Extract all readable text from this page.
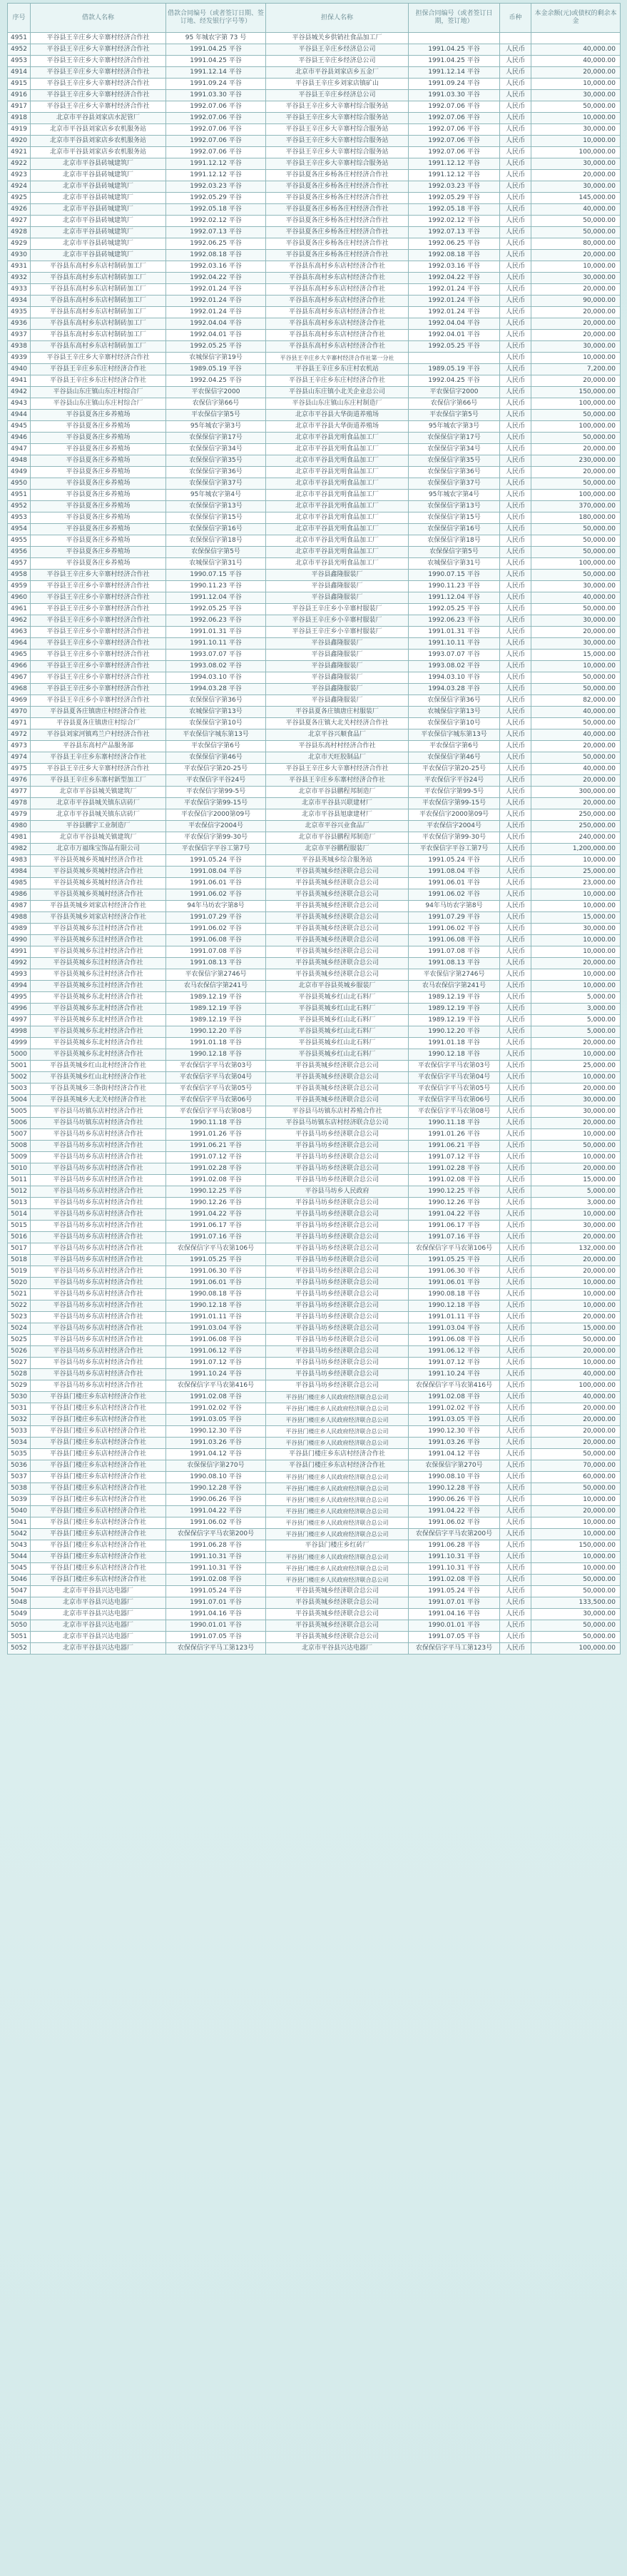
序号	借款人名称	借款合同编号（或者签订日期、签订地、经发银行字号等）	担保人名称	担保合同编号（或者签订日期，签订地）	币种	本金余额(元)或债权的剩余本金
4951	平谷县王辛庄乡大辛寨村经济合作社	95 年城农字第 73 号	平谷县城关乡供销社食品加工厂			
4952	平谷县王辛庄乡大辛寨村经济合作社	1991.04.25 平谷	平谷县王辛庄乡经济总公司	1991.04.25 平谷	人民币	40,000.00
4953	平谷县王辛庄乡大辛寨村经济合作社	1991.04.25 平谷	平谷县王辛庄乡经济总公司	1991.04.25 平谷	人民币	40,000.00
4914	平谷县王辛庄乡大辛寨村经济合作社	1991.12.14 平谷	北京市平谷县刘家店乡五金厂	1991.12.14 平谷	人民币	20,000.00
4915	平谷县王辛庄乡大辛寨村经济合作社	1991.09.24 平谷	平谷县王辛庄乡刘家店镇矿山	1991.09.24 平谷	人民币	10,000.00
4916	平谷县王辛庄乡大辛寨村经济合作社	1991.03.30 平谷	平谷县王辛庄乡经济总公司	1991.03.30 平谷	人民币	30,000.00
4917	平谷县王辛庄乡大辛寨村经济合作社	1992.07.06 平谷	平谷县王辛庄乡大辛寨村综合服务站	1992.07.06 平谷	人民币	50,000.00
4918	北京市平谷县刘家店水泥管厂	1992.07.06 平谷	平谷县王辛庄乡大辛寨村综合服务站	1992.07.06 平谷	人民币	10,000.00
4919	北京市平谷县刘家店乡农机服务站	1992.07.06 平谷	平谷县王辛庄乡大辛寨村综合服务站	1992.07.06 平谷	人民币	30,000.00
4920	北京市平谷县刘家店乡农机服务站	1992.07.06 平谷	平谷县王辛庄乡大辛寨村综合服务站	1992.07.06 平谷	人民币	10,000.00
4921	北京市平谷县刘家店乡农机服务站	1992.07.06 平谷	平谷县王辛庄乡大辛寨村综合服务站	1992.07.06 平谷	人民币	100,000.00
4922	北京市平谷县砖城建筑厂	1991.12.12 平谷	平谷县王辛庄乡大辛寨村综合服务站	1991.12.12 平谷	人民币	30,000.00
4923	北京市平谷县砖城建筑厂	1991.12.12 平谷	平谷县夏各庄乡杨各庄村经济合作社	1991.12.12 平谷	人民币	20,000.00
4924	北京市平谷县砖城建筑厂	1992.03.23 平谷	平谷县夏各庄乡杨各庄村经济合作社	1992.03.23 平谷	人民币	30,000.00
4925	北京市平谷县砖城建筑厂	1992.05.29 平谷	平谷县夏各庄乡杨各庄村经济合作社	1992.05.29 平谷	人民币	145,000.00
4926	北京市平谷县砖城建筑厂	1992.05.18 平谷	平谷县夏各庄乡杨各庄村经济合作社	1992.05.18 平谷	人民币	40,000.00
4927	北京市平谷县砖城建筑厂	1992.02.12 平谷	平谷县夏各庄乡杨各庄村经济合作社	1992.02.12 平谷	人民币	50,000.00
4928	北京市平谷县砖城建筑厂	1992.07.13 平谷	平谷县夏各庄乡杨各庄村经济合作社	1992.07.13 平谷	人民币	50,000.00
4929	北京市平谷县砖城建筑厂	1992.06.25 平谷	平谷县夏各庄乡杨各庄村经济合作社	1992.06.25 平谷	人民币	80,000.00
4930	北京市平谷县砖城建筑厂	1992.08.18 平谷	平谷县夏各庄乡杨各庄村经济合作社	1992.08.18 平谷	人民币	20,000.00
4931	平谷县东高村乡东店村制砖加工厂	1992.03.16 平谷	平谷县东高村乡东店村经济合作社	1992.03.16 平谷	人民币	10,000.00
4932	平谷县东高村乡东店村制砖加工厂	1992.04.22 平谷	平谷县东高村乡东店村经济合作社	1992.04.22 平谷	人民币	30,000.00
4933	平谷县东高村乡东店村制砖加工厂	1992.01.24 平谷	平谷县东高村乡东店村经济合作社	1992.01.24 平谷	人民币	20,000.00
4934	平谷县东高村乡东店村制砖加工厂	1992.01.24 平谷	平谷县东高村乡东店村经济合作社	1992.01.24 平谷	人民币	90,000.00
4935	平谷县东高村乡东店村制砖加工厂	1992.01.24 平谷	平谷县东高村乡东店村经济合作社	1992.01.24 平谷	人民币	20,000.00
4936	平谷县东高村乡东店村制砖加工厂	1992.04.04 平谷	平谷县东高村乡东店村经济合作社	1992.04.04 平谷	人民币	20,000.00
4937	平谷县东高村乡东店村制砖加工厂	1992.04.01 平谷	平谷县东高村乡东店村经济合作社	1992.04.01 平谷	人民币	20,000.00
4938	平谷县东高村乡东店村制砖加工厂	1992.05.25 平谷	平谷县东高村乡东店村经济合作社	1992.05.25 平谷	人民币	30,000.00
4939	平谷县王辛庄乡大辛寨村经济合作社	农城保信字第19号	平谷县王辛庄乡大辛寨村经济合作社第一分社		人民币	10,000.00
4940	平谷县王辛庄乡东庄村经济合作社	1989.05.19 平谷	平谷县王辛庄乡东庄村农机站	1989.05.19 平谷	人民币	7,200.00
4941	平谷县王辛庄乡东庄村经济合作社	1992.04.25 平谷	平谷县王辛庄乡东庄村经济合作社	1992.04.25 平谷	人民币	20,000.00
4942	平谷县山东庄镇山东庄村综合厂	平农保信字2000	平谷县山东庄镇小北关企业总公司	平农保信字2000	人民币	150,000.00
4943	平谷县山东庄镇山东庄村综合厂	农保信字第66号	平谷县山东庄镇山东庄村制造厂	农保信字第66号	人民币	100,000.00
4944	平谷县夏各庄乡养殖场	平农保信字第5号	北京市平谷县大华街道养殖场	平农保信字第5号	人民币	50,000.00
4945	平谷县夏各庄乡养殖场	95年城农字第3号	北京市平谷县大华街道养殖场	95年城农字第3号	人民币	100,000.00
4946	平谷县夏各庄乡养殖场	农保保信字第17号	北京市平谷县光明食品加工厂	农保保信字第17号	人民币	50,000.00
4947	平谷县夏各庄乡养殖场	农保保信字第34号	北京市平谷县光明食品加工厂	农保保信字第34号	人民币	20,000.00
4948	平谷县夏各庄乡养殖场	农保保信字第35号	北京市平谷县光明食品加工厂	农保保信字第35号	人民币	230,000.00
4949	平谷县夏各庄乡养殖场	农保保信字第36号	北京市平谷县光明食品加工厂	农保保信字第36号	人民币	20,000.00
4950	平谷县夏各庄乡养殖场	农保保信字第37号	北京市平谷县光明食品加工厂	农保保信字第37号	人民币	50,000.00
4951	平谷县夏各庄乡养殖场	95年城农字第4号	北京市平谷县光明食品加工厂	95年城农字第4号	人民币	100,000.00
4952	平谷县夏各庄乡养殖场	农保保信字第13号	北京市平谷县光明食品加工厂	农保保信字第13号	人民币	370,000.00
4953	平谷县夏各庄乡养殖场	农保保信字第15号	北京市平谷县光明食品加工厂	农保保信字第15号	人民币	180,000.00
4954	平谷县夏各庄乡养殖场	农保保信字第16号	北京市平谷县光明食品加工厂	农保保信字第16号	人民币	50,000.00
4955	平谷县夏各庄乡养殖场	农保保信字第18号	北京市平谷县光明食品加工厂	农保保信字第18号	人民币	50,000.00
4956	平谷县夏各庄乡养殖场	农保保信字第5号	北京市平谷县光明食品加工厂	农保保信字第5号	人民币	50,000.00
4957	平谷县夏各庄乡养殖场	农城保信字第31号	北京市平谷县光明食品加工厂	农城保信字第31号	人民币	100,000.00
4958	平谷县王辛庄乡大辛寨村经济合作社	1990.07.15 平谷	平谷县鑫隆服装厂	1990.07.15 平谷	人民币	50,000.00
4959	平谷县王辛庄乡小辛寨村经济合作社	1990.11.23 平谷	平谷县鑫隆服装厂	1990.11.23 平谷	人民币	30,000.00
4960	平谷县王辛庄乡小辛寨村经济合作社	1991.12.04 平谷	平谷县鑫隆服装厂	1991.12.04 平谷	人民币	40,000.00
4961	平谷县王辛庄乡小辛寨村经济合作社	1992.05.25 平谷	平谷县王辛庄乡小辛寨村服装厂	1992.05.25 平谷	人民币	50,000.00
4962	平谷县王辛庄乡小辛寨村经济合作社	1992.06.23 平谷	平谷县王辛庄乡小辛寨村服装厂	1992.06.23 平谷	人民币	30,000.00
4963	平谷县王辛庄乡小辛寨村经济合作社	1991.01.31 平谷	平谷县王辛庄乡小辛寨村服装厂	1991.01.31 平谷	人民币	20,000.00
4964	平谷县王辛庄乡小辛寨村经济合作社	1991.10.11 平谷	平谷县鑫隆服装厂	1991.10.11 平谷	人民币	30,000.00
4965	平谷县王辛庄乡小辛寨村经济合作社	1993.07.07 平谷	平谷县鑫隆服装厂	1993.07.07 平谷	人民币	15,000.00
4966	平谷县王辛庄乡小辛寨村经济合作社	1993.08.02 平谷	平谷县鑫隆服装厂	1993.08.02 平谷	人民币	10,000.00
4967	平谷县王辛庄乡小辛寨村经济合作社	1994.03.10 平谷	平谷县鑫隆服装厂	1994.03.10 平谷	人民币	50,000.00
4968	平谷县王辛庄乡小辛寨村经济合作社	1994.03.28 平谷	平谷县鑫隆服装厂	1994.03.28 平谷	人民币	50,000.00
4969	平谷县王辛庄乡小辛寨村经济合作社	农保保信字第36号	平谷县鑫隆服装厂	农保保信字第36号	人民币	82,000.00
4970	平谷县夏各庄镇唐庄村经济合作社	农城保信字第13号	平谷县夏各庄镇唐庄村服装厂	农城保信字第13号	人民币	40,000.00
4971	平谷县夏各庄镇唐庄村综合厂	农保保信字第10号	平谷县夏各庄镇大北关村经济合作社	农保保信字第10号	人民币	50,000.00
4972	平谷县刘家河镇鸡兰户村经济合作社	平农保信字城东第13号	北京平谷兴顺食品厂	平农保信字城东第13号	人民币	40,000.00
4973	平谷县东高村产品服务部	平农保信字第6号	平谷县东高村村经济合作社	平农保信字第6号	人民币	20,000.00
4974	平谷县王辛庄乡东寨村经济合作社	农保保信字第46号	北京市天旺胶制品厂	农保保信字第46号	人民币	50,000.00
4975	平谷县王辛庄乡大辛寨村经济合作社	平农保信字第20-25号	平谷县王辛庄乡大辛寨村经济合作社	平农保信字第20-25号	人民币	40,000.00
4976	平谷县王辛庄乡东寨村新型加工厂	平农保信字平谷24号	平谷县王辛庄乡东寨村经济合作社	平农保信字平谷24号	人民币	20,000.00
4977	北京市平谷县城关镇建筑厂	平农保信字第99-5号	北京市平谷县鹏程邦制造厂	平农保信字第99-5号	人民币	300,000.00
4978	北京市平谷县城关镇东店砖厂	平农保信字第99-15号	北京市平谷县兴联建材厂	平农保信字第99-15号	人民币	20,000.00
4979	北京市平谷县城关镇东店砖厂	平农保信字2000第09号	北京市平谷县旭康建材厂	平农保信字2000第09号	人民币	250,000.00
4980	平谷县鹏宇工业制造厂	平农保信字2004号	北京市平谷兴业食品厂	平农保信字2004号	人民币	250,000.00
4981	北京市平谷县城关镇建筑厂	平农保信字第99-30号	北京市平谷县鹏程邦制造厂	平农保信字第99-30号	人民币	240,000.00
4982	北京市万福珠宝饰品有限公司	平农保信字平谷工第7号	北京市平谷鹏程服装厂	平农保信字平谷工第7号	人民币	1,200,000.00
4983	平谷县英城乡英城村经济合作社	1991.05.24 平谷	平谷县英城乡综合服务站	1991.05.24 平谷	人民币	10,000.00
4984	平谷县英城乡英城村经济合作社	1991.08.04 平谷	平谷县英城乡经济联合总公司	1991.08.04 平谷	人民币	25,000.00
4985	平谷县英城乡英城村经济合作社	1991.06.01 平谷	平谷县英城乡经济联合总公司	1991.06.01 平谷	人民币	23,000.00
4986	平谷县英城乡英城村经济合作社	1991.06.02 平谷	平谷县英城乡经济联合总公司	1991.06.02 平谷	人民币	10,000.00
4987	平谷县英城乡刘家店村经济合作社	94年马坊农字第8号	平谷县英城乡经济联合总公司	94年马坊农字第8号	人民币	10,000.00
4988	平谷县英城乡刘家店村经济合作社	1991.07.29 平谷	平谷县英城乡经济联合总公司	1991.07.29 平谷	人民币	15,000.00
4989	平谷县英城乡东洼村经济合作社	1991.06.02 平谷	平谷县英城乡经济联合总公司	1991.06.02 平谷	人民币	30,000.00
4990	平谷县英城乡东洼村经济合作社	1991.06.08 平谷	平谷县英城乡经济联合总公司	1991.06.08 平谷	人民币	10,000.00
4991	平谷县英城乡东洼村经济合作社	1991.07.08 平谷	平谷县英城乡经济联合总公司	1991.07.08 平谷	人民币	10,000.00
4992	平谷县英城乡东洼村经济合作社	1991.08.13 平谷	平谷县英城乡经济联合总公司	1991.08.13 平谷	人民币	20,000.00
4993	平谷县英城乡东洼村经济合作社	平农保信字第2746号	平谷县英城乡经济联合总公司	平农保信字第2746号	人民币	10,000.00
4994	平谷县英城乡东洼村经济合作社	农马农保信字第241号	北京市平谷县英城乡服装厂	农马农保信字第241号	人民币	10,000.00
4995	平谷县英城乡东北村经济合作社	1989.12.19 平谷	平谷县英城乡红山北石料厂	1989.12.19 平谷	人民币	5,000.00
4996	平谷县英城乡东北村经济合作社	1989.12.19 平谷	平谷县英城乡红山北石料厂	1989.12.19 平谷	人民币	3,000.00
4997	平谷县英城乡东北村经济合作社	1989.12.19 平谷	平谷县英城乡红山北石料厂	1989.12.19 平谷	人民币	5,000.00
4998	平谷县英城乡东北村经济合作社	1990.12.20 平谷	平谷县英城乡红山北石料厂	1990.12.20 平谷	人民币	5,000.00
4999	平谷县英城乡东北村经济合作社	1991.01.18 平谷	平谷县英城乡红山北石料厂	1991.01.18 平谷	人民币	20,000.00
5000	平谷县英城乡东北村经济合作社	1990.12.18 平谷	平谷县英城乡红山北石料厂	1990.12.18 平谷	人民币	10,000.00
5001	平谷县英城乡红山北村经济合作社	平农保信字平马农第03号	平谷县英城乡经济联合总公司	平农保信字平马农第03号	人民币	25,000.00
5002	平谷县英城乡红山北村经济合作社	平农保信字平马农第04号	平谷县英城乡经济联合总公司	平农保信字平马农第04号	人民币	10,000.00
5003	平谷县英城乡三条街村经济合作社	平农保信字平马农第05号	平谷县英城乡经济联合总公司	平农保信字平马农第05号	人民币	20,000.00
5004	平谷县英城乡大北关村经济合作社	平农保信字平马农第06号	平谷县英城乡经济联合总公司	平农保信字平马农第06号	人民币	30,000.00
5005	平谷县马坊镇东店村经济合作社	平农保信字平马农第08号	平谷县马坊镇东店村养殖合作社	平农保信字平马农第08号	人民币	30,000.00
5006	平谷县马坊镇东店村经济合作社	1990.11.18 平谷	平谷县马坊镇东店村经济联合总公司	1990.11.18 平谷	人民币	20,000.00
5007	平谷县马坊乡东店村经济合作社	1991.01.26 平谷	平谷县马坊乡经济联合总公司	1991.01.26 平谷	人民币	10,000.00
5008	平谷县马坊乡东店村经济合作社	1991.06.21 平谷	平谷县马坊乡经济联合总公司	1991.06.21 平谷	人民币	50,000.00
5009	平谷县马坊乡东店村经济合作社	1991.07.12 平谷	平谷县马坊乡经济联合总公司	1991.07.12 平谷	人民币	10,000.00
5010	平谷县马坊乡东店村经济合作社	1991.02.28 平谷	平谷县马坊乡经济联合总公司	1991.02.28 平谷	人民币	20,000.00
5011	平谷县马坊乡东店村经济合作社	1991.02.08 平谷	平谷县马坊乡经济联合总公司	1991.02.08 平谷	人民币	15,000.00
5012	平谷县马坊乡东店村经济合作社	1990.12.25 平谷	平谷县马坊乡人民政府	1990.12.25 平谷	人民币	5,000.00
5013	平谷县马坊乡东店村经济合作社	1990.12.26 平谷	平谷县马坊乡经济联合总公司	1990.12.26 平谷	人民币	3,000.00
5014	平谷县马坊乡东店村经济合作社	1991.04.22 平谷	平谷县马坊乡经济联合总公司	1991.04.22 平谷	人民币	10,000.00
5015	平谷县马坊乡东店村经济合作社	1991.06.17 平谷	平谷县马坊乡经济联合总公司	1991.06.17 平谷	人民币	30,000.00
5016	平谷县马坊乡东店村经济合作社	1991.07.16 平谷	平谷县马坊乡经济联合总公司	1991.07.16 平谷	人民币	20,000.00
5017	平谷县马坊乡东店村经济合作社	农保保信字平马农第106号	平谷县马坊乡经济联合总公司	农保保信字平马农第106号	人民币	132,000.00
5018	平谷县马坊乡东店村经济合作社	1991.05.25 平谷	平谷县马坊乡经济联合总公司	1991.05.25 平谷	人民币	20,000.00
5019	平谷县马坊乡东店村经济合作社	1991.06.30 平谷	平谷县马坊乡经济联合总公司	1991.06.30 平谷	人民币	20,000.00
5020	平谷县马坊乡东店村经济合作社	1991.06.01 平谷	平谷县马坊乡经济联合总公司	1991.06.01 平谷	人民币	10,000.00
5021	平谷县马坊乡东店村经济合作社	1990.08.18 平谷	平谷县马坊乡经济联合总公司	1990.08.18 平谷	人民币	10,000.00
5022	平谷县马坊乡东店村经济合作社	1990.12.18 平谷	平谷县马坊乡经济联合总公司	1990.12.18 平谷	人民币	10,000.00
5023	平谷县马坊乡东店村经济合作社	1991.01.11 平谷	平谷县马坊乡经济联合总公司	1991.01.11 平谷	人民币	20,000.00
5024	平谷县马坊乡东店村经济合作社	1991.03.04 平谷	平谷县马坊乡经济联合总公司	1991.03.04 平谷	人民币	15,000.00
5025	平谷县马坊乡东店村经济合作社	1991.06.08 平谷	平谷县马坊乡经济联合总公司	1991.06.08 平谷	人民币	50,000.00
5026	平谷县马坊乡东店村经济合作社	1991.06.12 平谷	平谷县马坊乡经济联合总公司	1991.06.12 平谷	人民币	20,000.00
5027	平谷县马坊乡东店村经济合作社	1991.07.12 平谷	平谷县马坊乡经济联合总公司	1991.07.12 平谷	人民币	10,000.00
5028	平谷县马坊乡东店村经济合作社	1991.10.24 平谷	平谷县马坊乡经济联合总公司	1991.10.24 平谷	人民币	40,000.00
5029	平谷县马坊乡东店村经济合作社	农保保信字平马农第416号	平谷县马坊乡经济联合总公司	农保保信字平马农第416号	人民币	100,000.00
5030	平谷县门楼庄乡东店村经济合作社	1991.02.08 平谷	平谷县门楼庄乡人民政府经济联合总公司	1991.02.08 平谷	人民币	40,000.00
5031	平谷县门楼庄乡东店村经济合作社	1991.02.02 平谷	平谷县门楼庄乡人民政府经济联合总公司	1991.02.02 平谷	人民币	20,000.00
5032	平谷县门楼庄乡东店村经济合作社	1991.03.05 平谷	平谷县门楼庄乡人民政府经济联合总公司	1991.03.05 平谷	人民币	20,000.00
5033	平谷县门楼庄乡东店村经济合作社	1990.12.30 平谷	平谷县门楼庄乡人民政府经济联合总公司	1990.12.30 平谷	人民币	20,000.00
5034	平谷县门楼庄乡东店村经济合作社	1991.03.26 平谷	平谷县门楼庄乡人民政府经济联合总公司	1991.03.26 平谷	人民币	20,000.00
5035	平谷县门楼庄乡东店村经济合作社	1991.04.12 平谷	平谷县门楼庄乡东店村经济合作社	1991.04.12 平谷	人民币	50,000.00
5036	平谷县门楼庄乡东店村经济合作社	农保保信字第270号	平谷县门楼庄乡东店村经济合作社	农保保信字第270号	人民币	70,000.00
5037	平谷县门楼庄乡东店村经济合作社	1990.08.10 平谷	平谷县门楼庄乡人民政府经济联合总公司	1990.08.10 平谷	人民币	60,000.00
5038	平谷县门楼庄乡东店村经济合作社	1990.12.28 平谷	平谷县门楼庄乡人民政府经济联合总公司	1990.12.28 平谷	人民币	50,000.00
5039	平谷县门楼庄乡东店村经济合作社	1990.06.26 平谷	平谷县门楼庄乡人民政府经济联合总公司	1990.06.26 平谷	人民币	10,000.00
5040	平谷县门楼庄乡东店村经济合作社	1991.04.22 平谷	平谷县门楼庄乡人民政府经济联合总公司	1991.04.22 平谷	人民币	20,000.00
5041	平谷县门楼庄乡东店村经济合作社	1991.06.02 平谷	平谷县门楼庄乡人民政府经济联合总公司	1991.06.02 平谷	人民币	10,000.00
5042	平谷县门楼庄乡东店村经济合作社	农保保信字平马农第200号	平谷县门楼庄乡人民政府经济联合总公司	农保保信字平马农第200号	人民币	10,000.00
5043	平谷县门楼庄乡东店村经济合作社	1991.06.28 平谷	平谷县门楼庄乡红砖厂	1991.06.28 平谷	人民币	150,000.00
5044	平谷县门楼庄乡东店村经济合作社	1991.10.31 平谷	平谷县门楼庄乡人民政府经济联合总公司	1991.10.31 平谷	人民币	10,000.00
5045	平谷县门楼庄乡东店村经济合作社	1991.10.31 平谷	平谷县门楼庄乡人民政府经济联合总公司	1991.10.31 平谷	人民币	10,000.00
5046	平谷县门楼庄乡东店村经济合作社	1991.02.08 平谷	平谷县门楼庄乡人民政府经济联合总公司	1991.02.08 平谷	人民币	50,000.00
5047	北京市平谷县兴达电器厂	1991.05.24 平谷	平谷县英城乡经济联合总公司	1991.05.24 平谷	人民币	50,000.00
5048	北京市平谷县兴达电器厂	1991.07.01 平谷	平谷县英城乡经济联合总公司	1991.07.01 平谷	人民币	133,500.00
5049	北京市平谷县兴达电器厂	1991.04.16 平谷	平谷县英城乡经济联合总公司	1991.04.16 平谷	人民币	30,000.00
5050	北京市平谷县兴达电器厂	1990.01.01 平谷	平谷县英城乡经济联合总公司	1990.01.01 平谷	人民币	50,000.00
5051	北京市平谷县兴达电器厂	1991.07.05 平谷	平谷县英城乡经济联合总公司	1991.07.05 平谷	人民币	50,000.00
5052	北京市平谷县兴达电器厂	农保保信字平马工第123号	北京市平谷县兴达电器厂	农保保信字平马工第123号	人民币	100,000.00
